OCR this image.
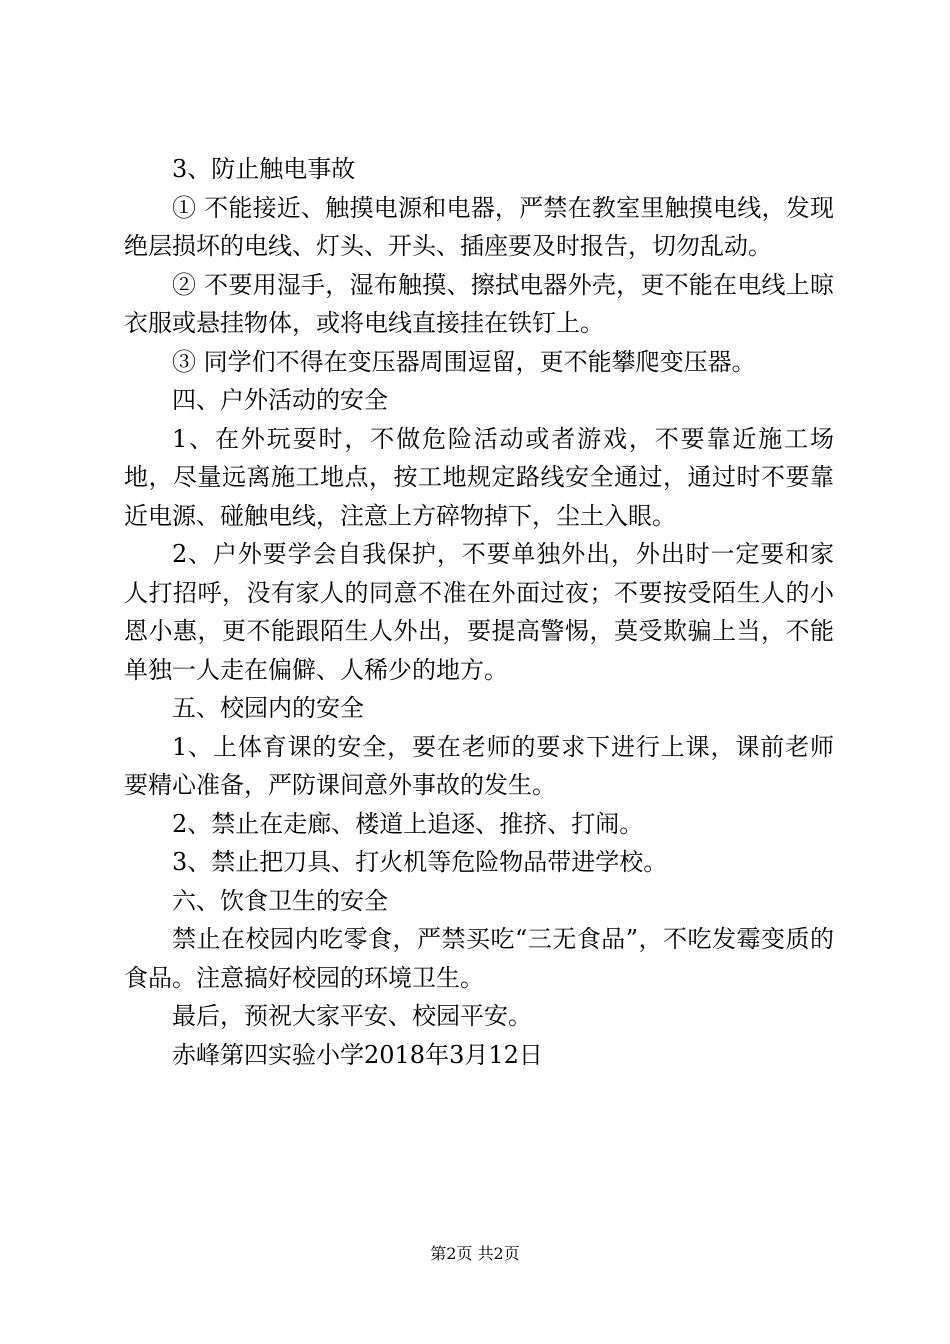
3、防止触电事故

① 不能接近、触摸电源和电器，严禁在教室里触摸电线，发现绝层损坏的电线、灯头、开头、插座要及时报告，切勿乱动。

② 不要用湿手，湿布触摸、擦拭电器外壳，更不能在电线上晾衣服或悬挂物体，或将电线直接挂在铁钉上。

③ 同学们不得在变压器周围逗留，更不能攀爬变压器。

四、户外活动的安全

1、在外玩耍时，不做危险活动或者游戏，不要靠近施工场地，尽量远离施工地点，按工地规定路线安全通过，通过时不要靠近电源、碰触电线，注意上方碎物掉下，尘土入眼。

2、户外要学会自我保护，不要单独外出，外出时一定要和家人打招呼，没有家人的同意不准在外面过夜；不要按受陌生人的小恩小惠，更不能跟陌生人外出，要提高警惕，莫受欺骗上当，不能单独一人走在偏僻、人稀少的地方。

五、校园内的安全

1、上体育课的安全，要在老师的要求下进行上课，课前老师要精心准备，严防课间意外事故的发生。

2、禁止在走廊、楼道上追逐、推挤、打闹。

3、禁止把刀具、打火机等危险物品带进学校。

六、饮食卫生的安全

禁止在校园内吃零食，严禁买吃“三无食品”，不吃发霉变质的食品。注意搞好校园的环境卫生。

最后，预祝大家平安、校园平安。

赤峰第四实验小学2018年3月12日

第2页 共2页
